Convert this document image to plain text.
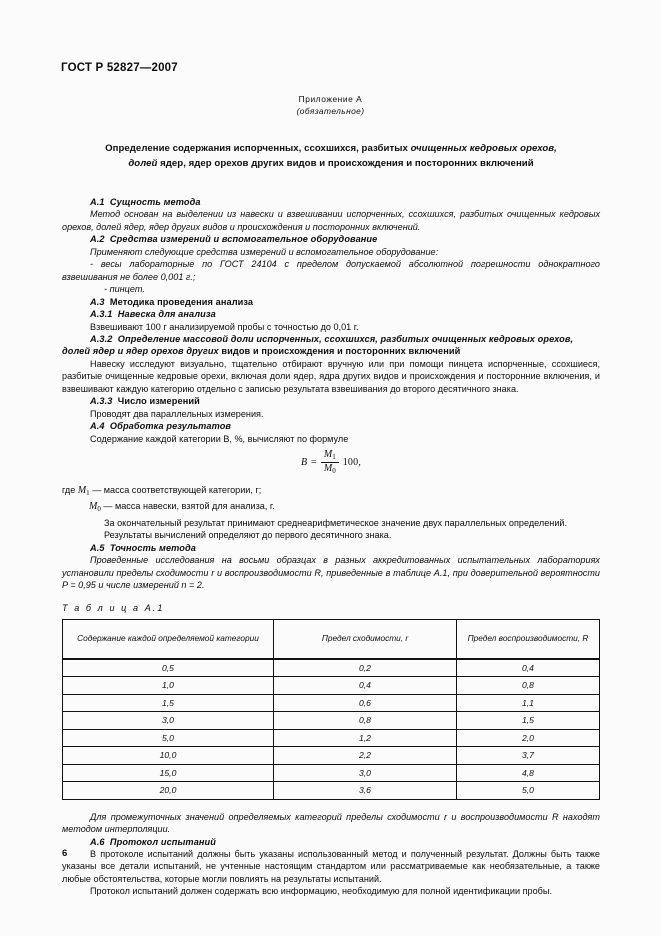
ГОСТ Р 52827—2007
Приложение А
(обязательное)
Определение содержания испорченных, ссохшихся, разбитых очищенных кедровых орехов,
долей ядер, ядер орехов других видов и происхождения и посторонних включений
А.1 Сущность метода

Метод основан на выделении из навески и взвешивании испорченных, ссохшихся, разбитых очищенных кедровых орехов, долей ядер, ядер других видов и происхождения и посторонних включений.

А.2 Средства измерений и вспомогательное оборудование

Применяют следующие средства измерений и вспомогательное оборудование:

- весы лабораторные по ГОСТ 24104 с пределом допускаемой абсолютной погрешности однократного взвешивания не более 0,001 г.;

- пинцет.

А.3 Методика проведения анализа
А.3.1 Навеска для анализа

Взвешивают 100 г анализируемой пробы с точностью до 0,01 г.

А.3.2 Определение массовой доли испорченных, ссохшихся, разбитых очищенных кедровых орехов, долей ядер и ядер орехов других видов и происхождения и посторонних включений

Навеску исследуют визуально, тщательно отбирают вручную или при помощи пинцета испорченные, ссохшиеся, разбитые очищенные кедровые орехи, включая доли ядер, ядра других видов и происхождения и посторонние включения, и взвешивают каждую категорию отдельно с записью результата взвешивания до второго десятичного знака.

А.3.3 Число измерений

Проводят два параллельных измерения.

А.4 Обработка результатов

Содержание каждой категории B, %, вычисляют по формуле

$B = \frac{M_1}{M_0} 100$,
где $M_1$ — масса соответствующей категории, г;
$M_0$ — масса навески, взятой для анализа, г.

За окончательный результат принимают среднеарифметическое значение двух параллельных определений.

Результаты вычислений определяют до первого десятичного знака.

А.5 Точность метода

Проведенные исследования на восьми образцах в разных аккредитованных испытательных лабораториях установили пределы сходимости r и воспроизводимости R, приведенные в таблице А.1, при доверительной вероятности P = 0,95 и числе измерений n = 2.

Т а б л и ц а А.1
Содержание каждой определяемой категории	Предел сходимости, r	Предел воспроизводимости, R
0,5	0,2	0,4
1,0	0,4	0,8
1,5	0,6	1,1
3,0	0,8	1,5
5,0	1,2	2,0
10,0	2,2	3,7
15,0	3,0	4,8
20,0	3,6	5,0

Для промежуточных значений определяемых категорий пределы сходимости r и воспроизводимости R находят методом интерполяции.

А.6 Протокол испытаний

В протоколе испытаний должны быть указаны использованный метод и полученный результат. Должны быть также указаны все детали испытаний, не учтенные настоящим стандартом или рассматриваемые как необязательные, а также любые обстоятельства, которые могли повлиять на результаты испытаний.

Протокол испытаний должен содержать всю информацию, необходимую для полной идентификации пробы.

6
